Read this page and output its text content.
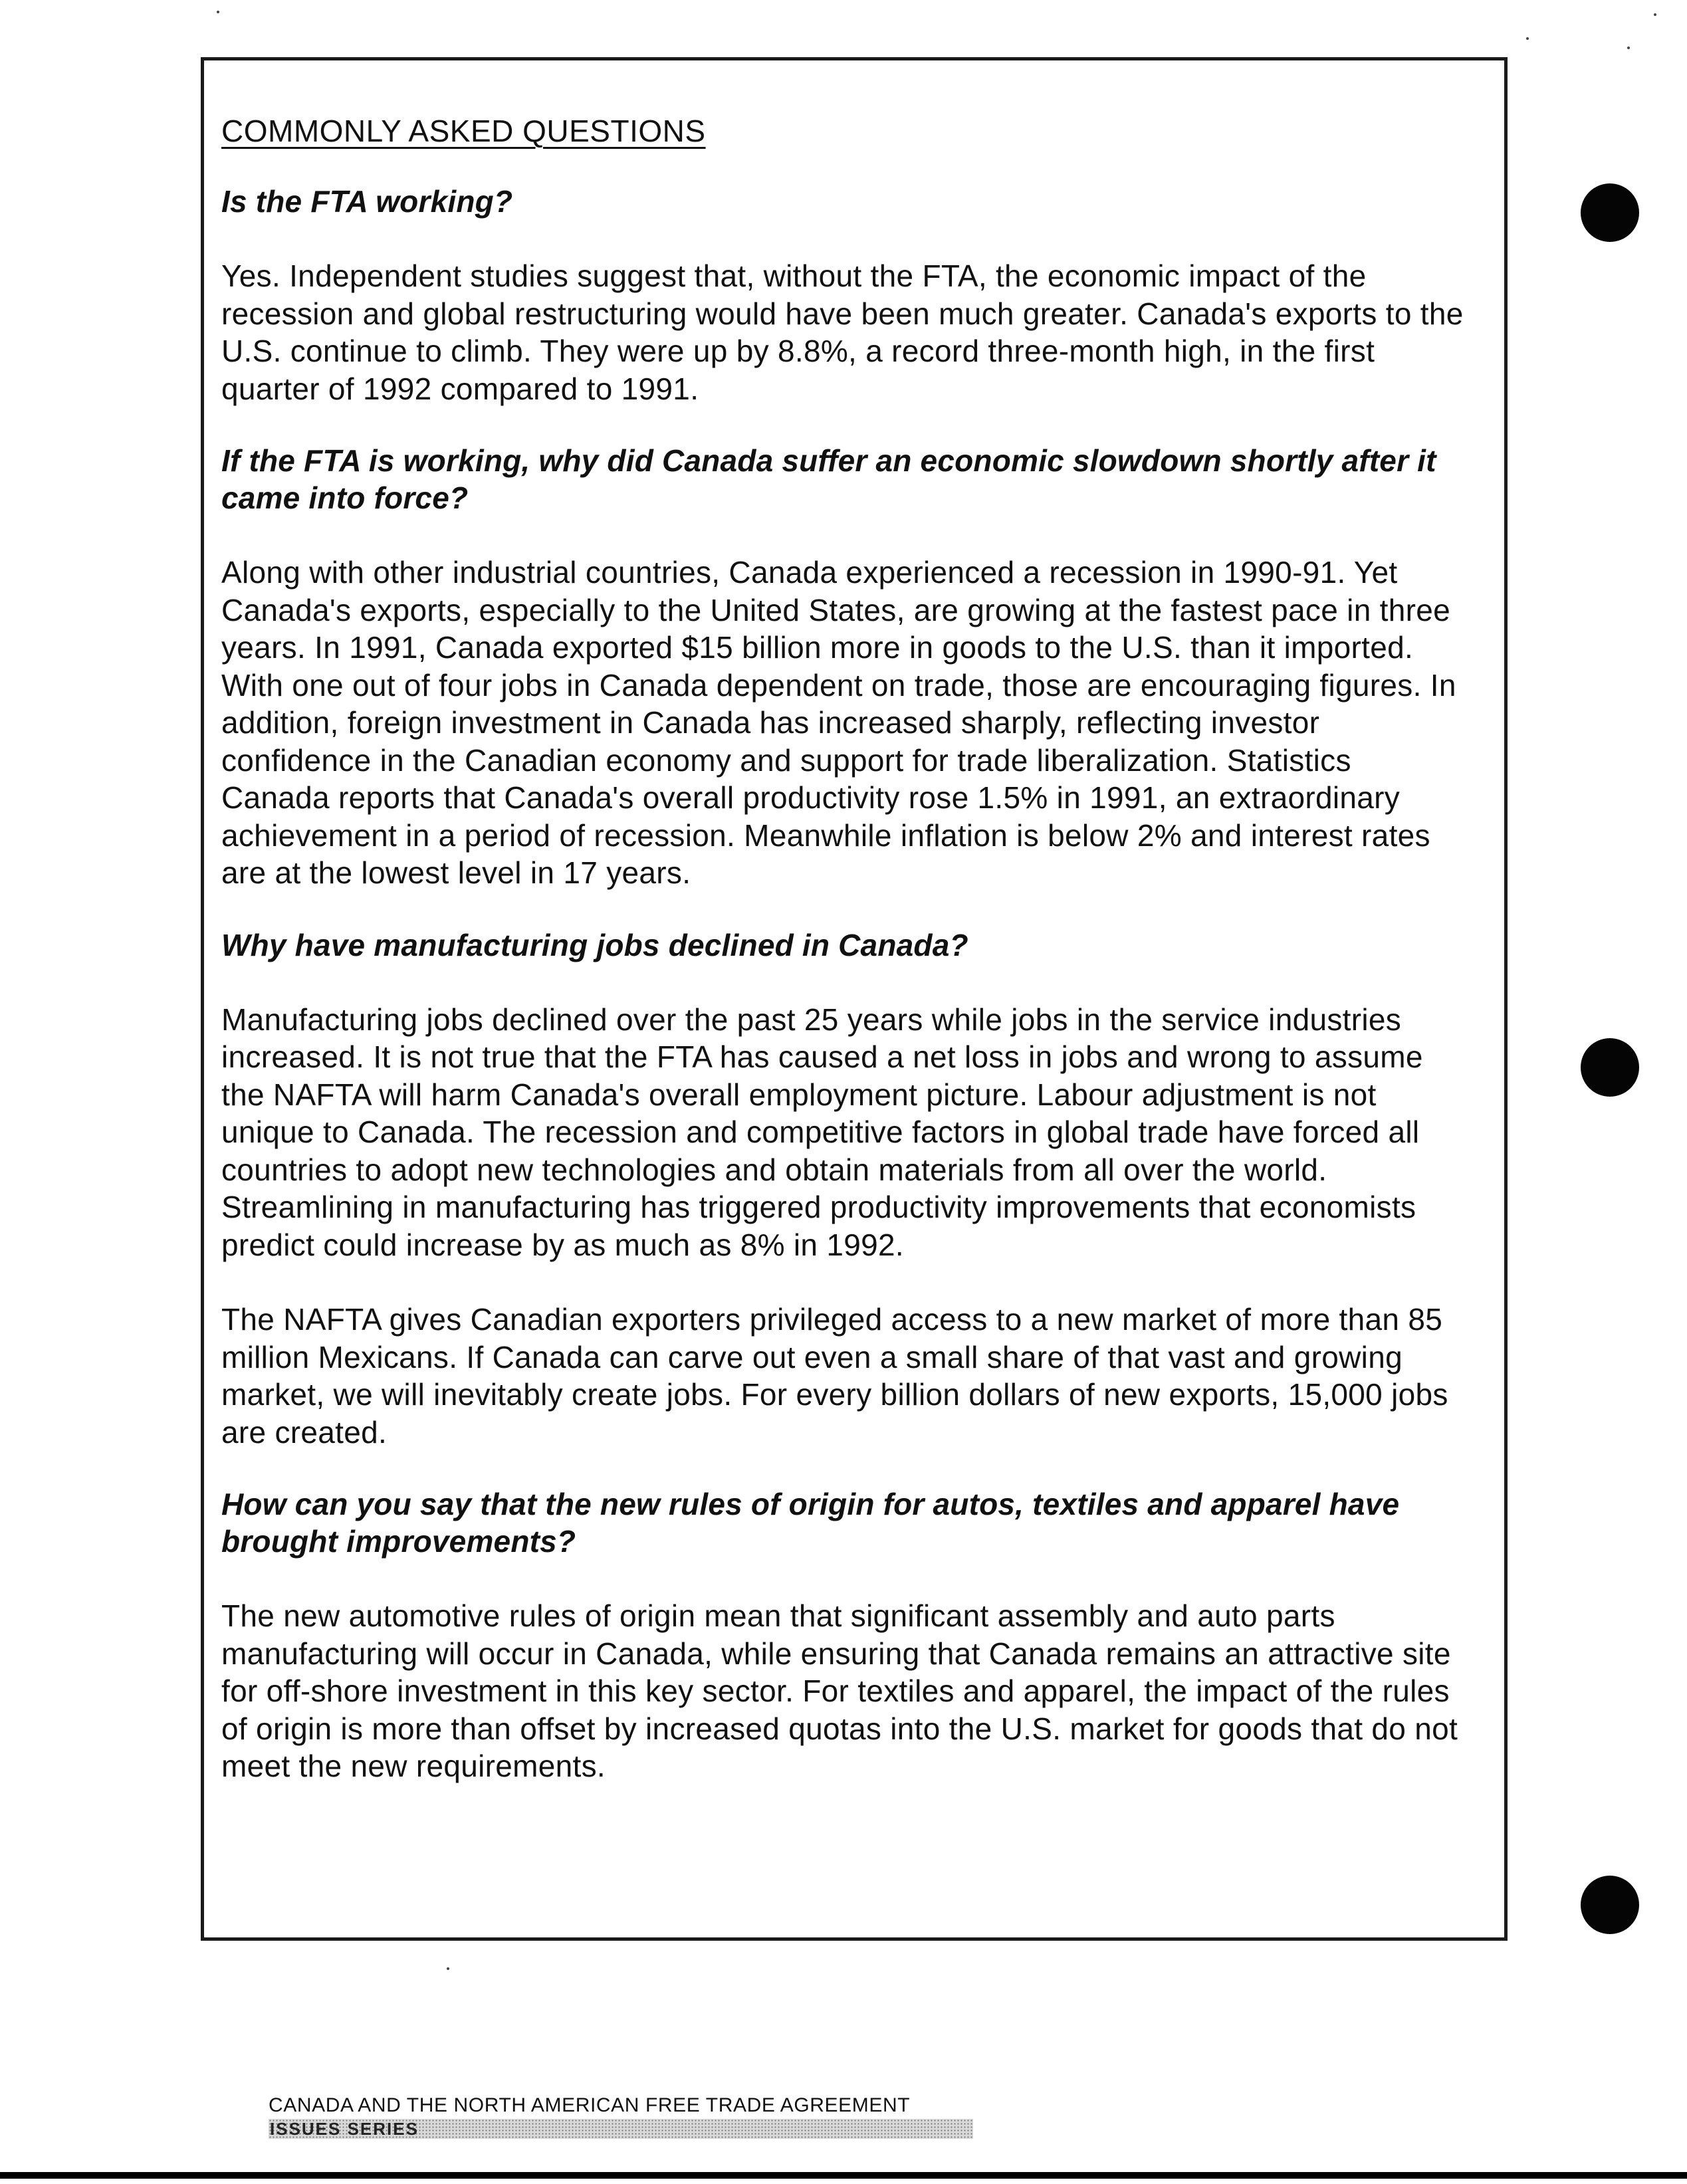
COMMONLY ASKED QUESTIONS

Is the FTA working?

Yes. Independent studies suggest that, without the FTA, the economic impact of the recession and global restructuring would have been much greater. Canada's exports to the U.S. continue to climb. They were up by 8.8%, a record three-month high, in the first quarter of 1992 compared to 1991.

If the FTA is working, why did Canada suffer an economic slowdown shortly after it came into force?

Along with other industrial countries, Canada experienced a recession in 1990-91. Yet Canada's exports, especially to the United States, are growing at the fastest pace in three years. In 1991, Canada exported $15 billion more in goods to the U.S. than it imported. With one out of four jobs in Canada dependent on trade, those are encouraging figures. In addition, foreign investment in Canada has increased sharply, reflecting investor confidence in the Canadian economy and support for trade liberalization. Statistics Canada reports that Canada's overall productivity rose 1.5% in 1991, an extraordinary achievement in a period of recession. Meanwhile inflation is below 2% and interest rates are at the lowest level in 17 years.

Why have manufacturing jobs declined in Canada?

Manufacturing jobs declined over the past 25 years while jobs in the service industries increased. It is not true that the FTA has caused a net loss in jobs and wrong to assume the NAFTA will harm Canada's overall employment picture. Labour adjustment is not unique to Canada. The recession and competitive factors in global trade have forced all countries to adopt new technologies and obtain materials from all over the world. Streamlining in manufacturing has triggered productivity improvements that economists predict could increase by as much as 8% in 1992.

The NAFTA gives Canadian exporters privileged access to a new market of more than 85 million Mexicans. If Canada can carve out even a small share of that vast and growing market, we will inevitably create jobs. For every billion dollars of new exports, 15,000 jobs are created.

How can you say that the new rules of origin for autos, textiles and apparel have brought improvements?

The new automotive rules of origin mean that significant assembly and auto parts manufacturing will occur in Canada, while ensuring that Canada remains an attractive site for off-shore investment in this key sector. For textiles and apparel, the impact of the rules of origin is more than offset by increased quotas into the U.S. market for goods that do not meet the new requirements.

CANADA AND THE NORTH AMERICAN FREE TRADE AGREEMENT

ISSUES SERIES
